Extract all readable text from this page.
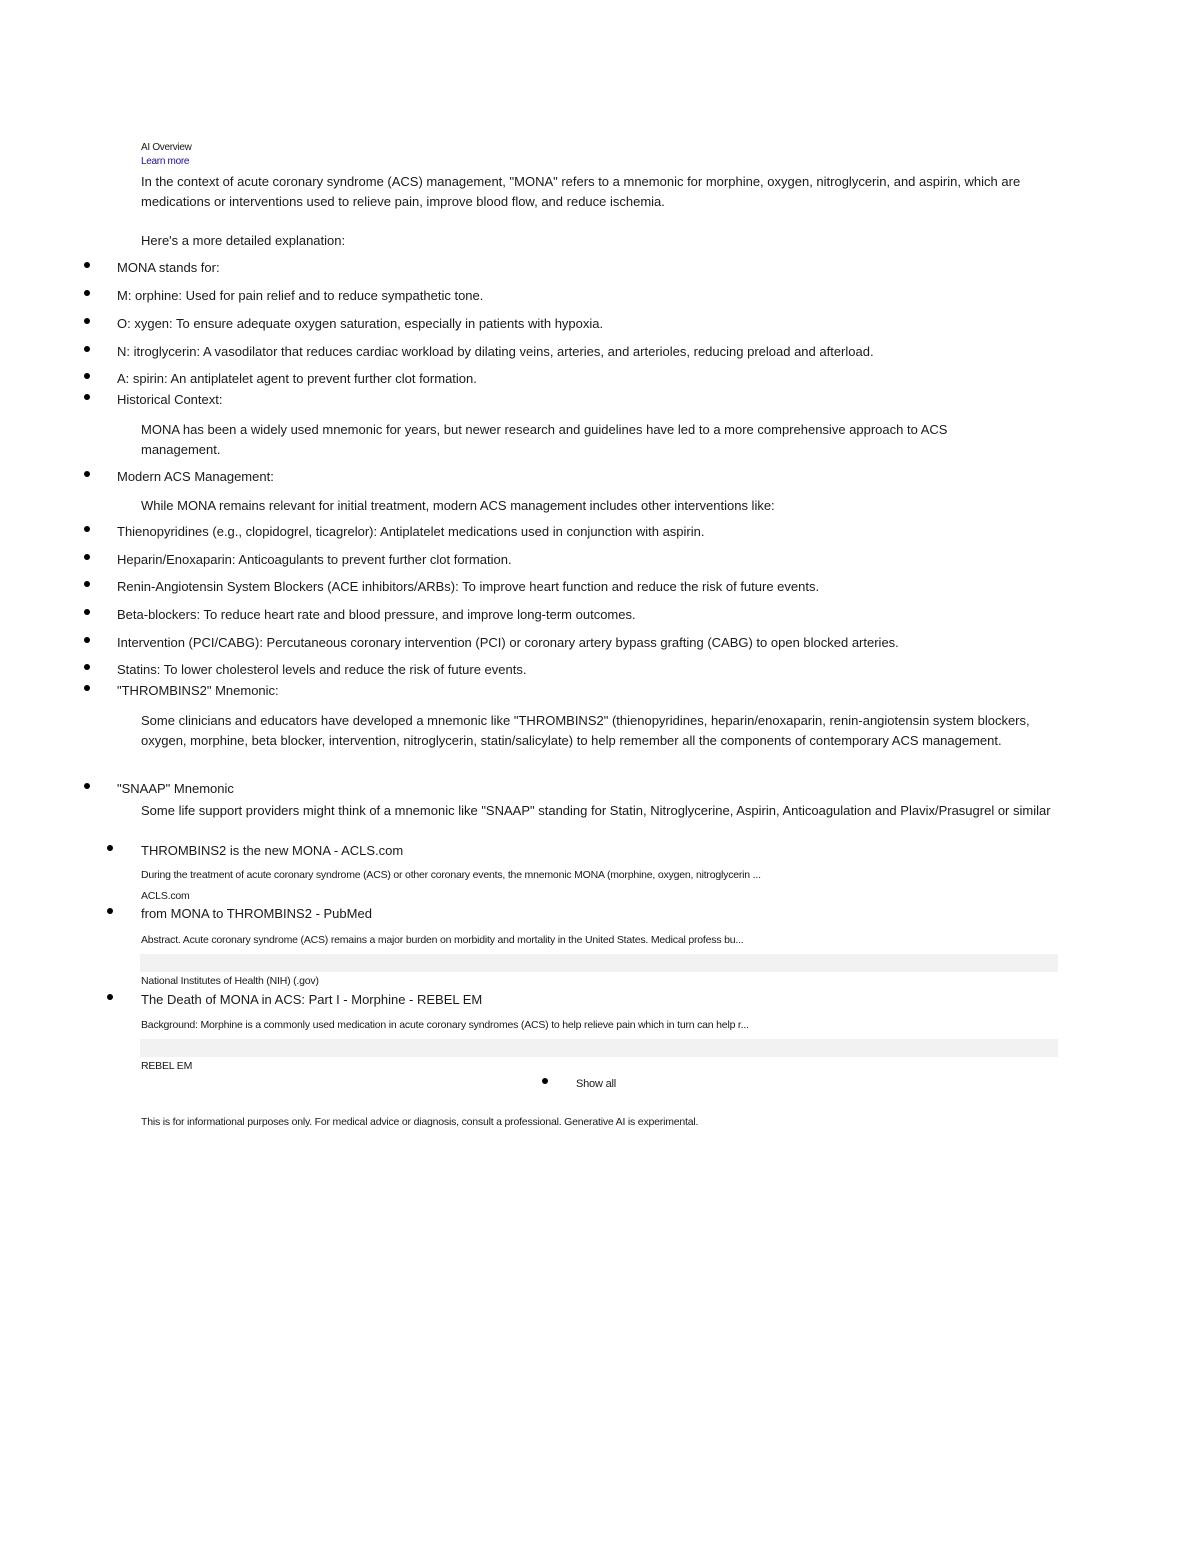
AI Overview
Learn more
In the context of acute coronary syndrome (ACS) management, "MONA" refers to a mnemonic for morphine, oxygen, nitroglycerin, and aspirin, which are medications or interventions used to relieve pain, improve blood flow, and reduce ischemia.
Here's a more detailed explanation:
MONA stands for:
M: orphine: Used for pain relief and to reduce sympathetic tone.
O: xygen: To ensure adequate oxygen saturation, especially in patients with hypoxia.
N: itroglycerin: A vasodilator that reduces cardiac workload by dilating veins, arteries, and arterioles, reducing preload and afterload.
A: spirin: An antiplatelet agent to prevent further clot formation.
Historical Context:
MONA has been a widely used mnemonic for years, but newer research and guidelines have led to a more comprehensive approach to ACS management.
Modern ACS Management:
While MONA remains relevant for initial treatment, modern ACS management includes other interventions like:
Thienopyridines (e.g., clopidogrel, ticagrelor): Antiplatelet medications used in conjunction with aspirin.
Heparin/Enoxaparin: Anticoagulants to prevent further clot formation.
Renin-Angiotensin System Blockers (ACE inhibitors/ARBs): To improve heart function and reduce the risk of future events.
Beta-blockers: To reduce heart rate and blood pressure, and improve long-term outcomes.
Intervention (PCI/CABG): Percutaneous coronary intervention (PCI) or coronary artery bypass grafting (CABG) to open blocked arteries.
Statins: To lower cholesterol levels and reduce the risk of future events.
"THROMBINS2" Mnemonic:
Some clinicians and educators have developed a mnemonic like "THROMBINS2" (thienopyridines, heparin/enoxaparin, renin-angiotensin system blockers, oxygen, morphine, beta blocker, intervention, nitroglycerin, statin/salicylate) to help remember all the components of contemporary ACS management.
"SNAAP" Mnemonic
Some life support providers might think of a mnemonic like "SNAAP" standing for Statin, Nitroglycerine, Aspirin, Anticoagulation and Plavix/Prasugrel or similar
THROMBINS2 is the new MONA - ACLS.com
During the treatment of acute coronary syndrome (ACS) or other coronary events, the mnemonic MONA (morphine, oxygen, nitroglycerin ...
ACLS.com
from MONA to THROMBINS2 - PubMed
Abstract. Acute coronary syndrome (ACS) remains a major burden on morbidity and mortality in the United States. Medical profess bu...
National Institutes of Health (NIH) (.gov)
The Death of MONA in ACS: Part I - Morphine - REBEL EM
Background: Morphine is a commonly used medication in acute coronary syndromes (ACS) to help relieve pain which in turn can help r...
REBEL EM
Show all
This is for informational purposes only. For medical advice or diagnosis, consult a professional. Generative AI is experimental.
